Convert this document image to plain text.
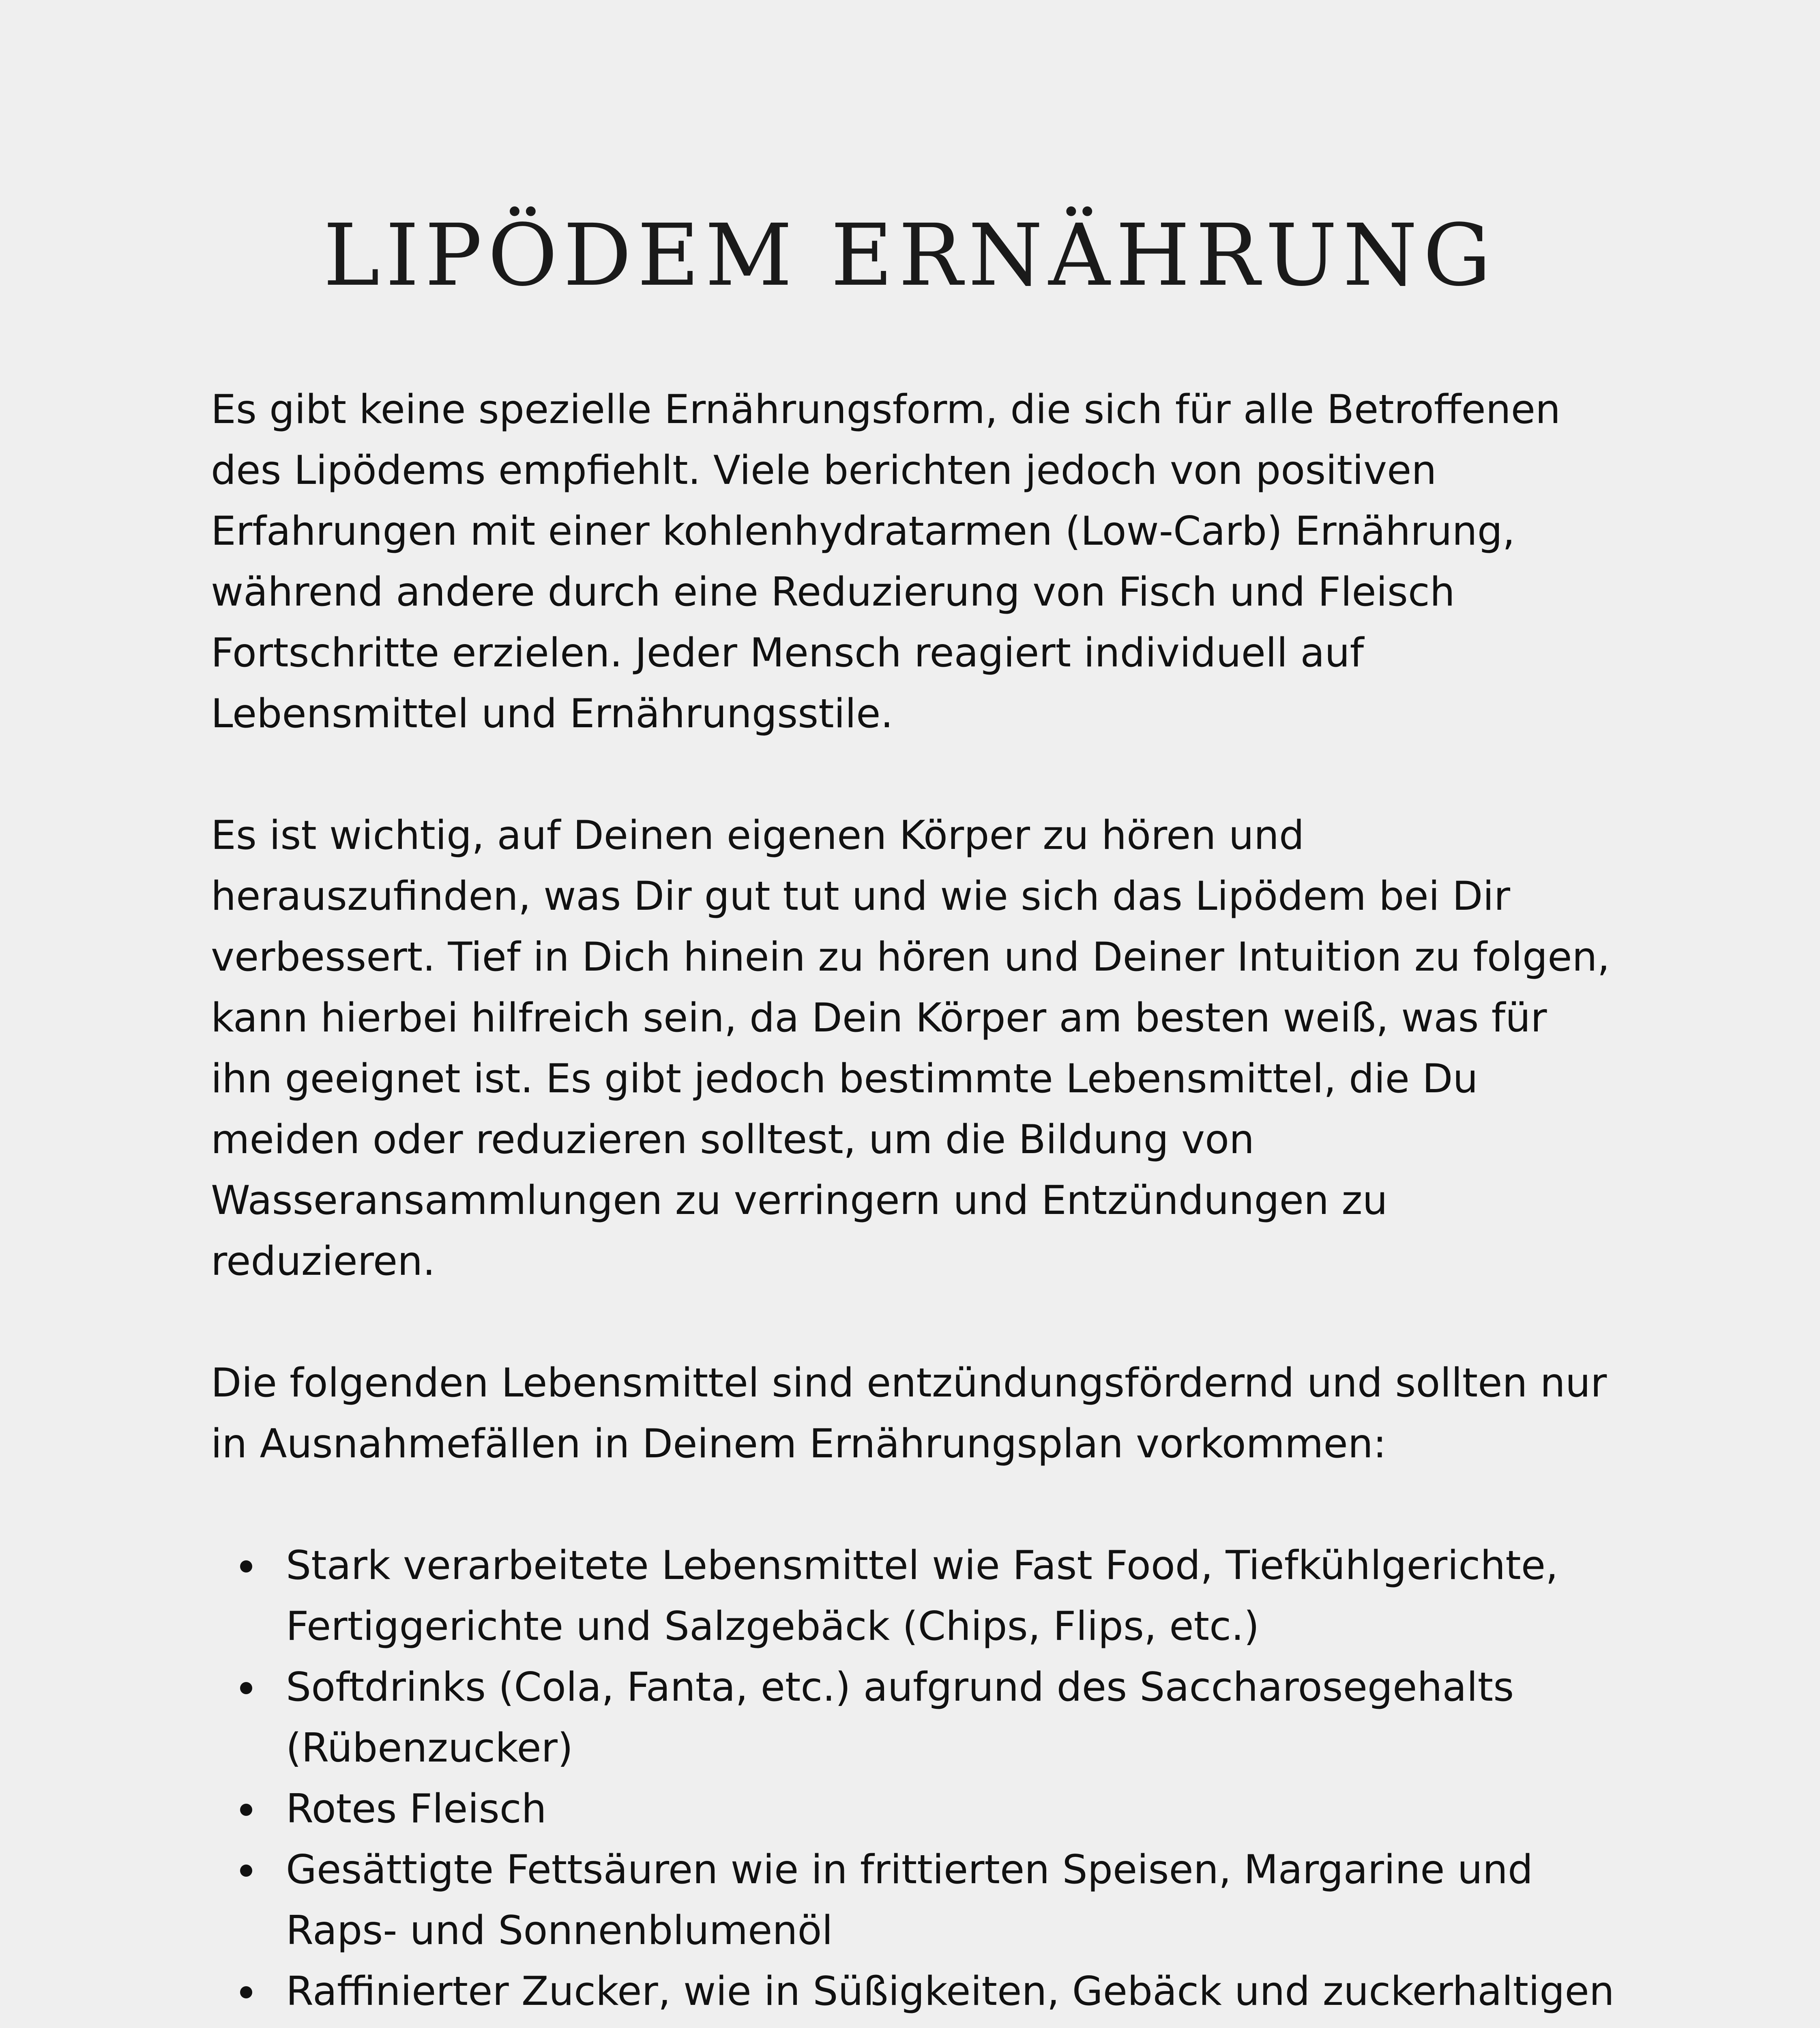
LIPÖDEM ERNÄHRUNG

Es gibt keine spezielle Ernährungsform, die sich für alle Betroffenen des Lipödems empfiehlt. Viele berichten jedoch von positiven Erfahrungen mit einer kohlenhydratarmen (Low-Carb) Ernährung, während andere durch eine Reduzierung von Fisch und Fleisch Fortschritte erzielen. Jeder Mensch reagiert individuell auf Lebensmittel und Ernährungsstile.

Es ist wichtig, auf Deinen eigenen Körper zu hören und herauszufinden, was Dir gut tut und wie sich das Lipödem bei Dir verbessert. Tief in Dich hinein zu hören und Deiner Intuition zu folgen, kann hierbei hilfreich sein, da Dein Körper am besten weiß, was für ihn geeignet ist. Es gibt jedoch bestimmte Lebensmittel, die Du meiden oder reduzieren solltest, um die Bildung von Wasseransammlungen zu verringern und Entzündungen zu reduzieren.

Die folgenden Lebensmittel sind entzündungsfördernd und sollten nur in Ausnahmefällen in Deinem Ernährungsplan vorkommen:

Stark verarbeitete Lebensmittel wie Fast Food, Tiefkühlgerichte, Fertiggerichte und Salzgebäck (Chips, Flips, etc.)
Softdrinks (Cola, Fanta, etc.) aufgrund des Saccharosegehalts (Rübenzucker)
Rotes Fleisch
Gesättigte Fettsäuren wie in frittierten Speisen, Margarine und Raps- und Sonnenblumenöl
Raffinierter Zucker, wie in Süßigkeiten, Gebäck und zuckerhaltigen
